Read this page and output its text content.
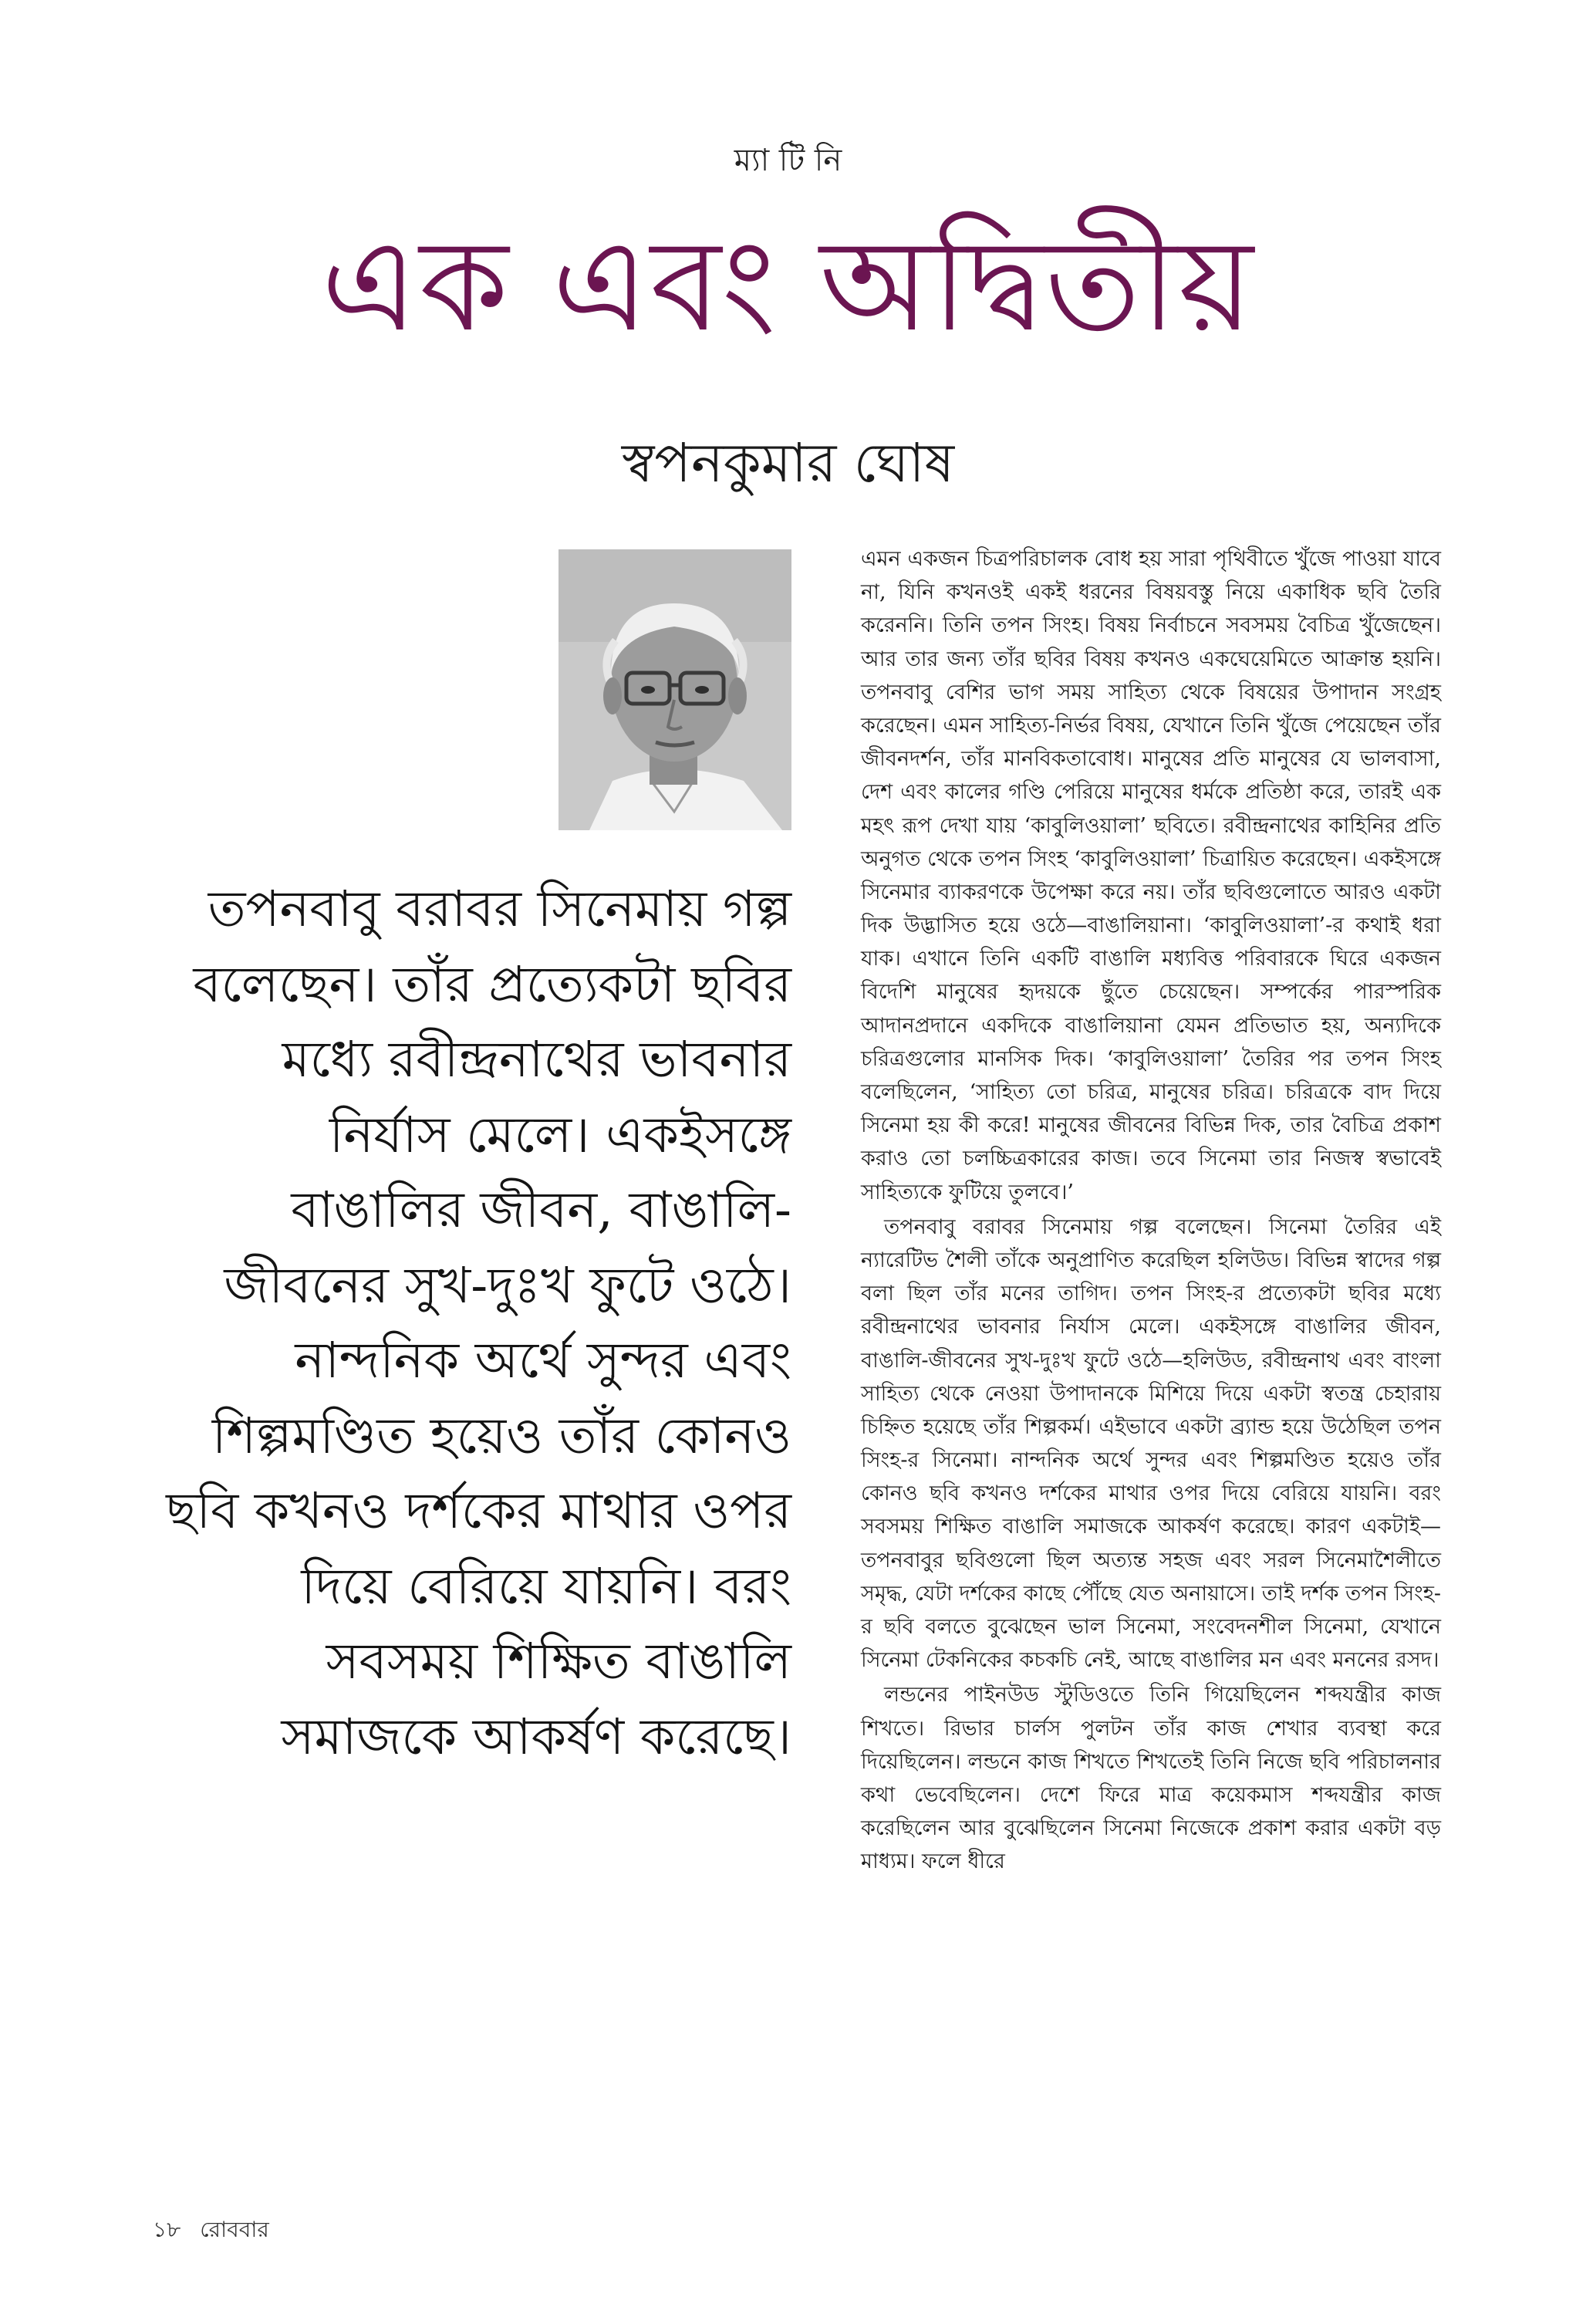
ম্যা টি নি
এক এবং অদ্বিতীয়
স্বপনকুমার ঘোষ

তপনবাবু বরাবর সিনেমায় গল্প বলেছেন। তাঁর প্রত্যেকটা ছবির মধ্যে রবীন্দ্রনাথের ভাবনার নির্যাস মেলে। একইসঙ্গে বাঙালির জীবন, বাঙালি-জীবনের সুখ-দুঃখ ফুটে ওঠে। নান্দনিক অর্থে সুন্দর এবং শিল্পমণ্ডিত হয়েও তাঁর কোনও ছবি কখনও দর্শকের মাথার ওপর দিয়ে বেরিয়ে যায়নি। বরং সবসময় শিক্ষিত বাঙালি সমাজকে আকর্ষণ করেছে।

এমন একজন চিত্রপরিচালক বোধ হয় সারা পৃথিবীতে খুঁজে পাওয়া যাবে না, যিনি কখনওই একই ধরনের বিষয়বস্তু নিয়ে একাধিক ছবি তৈরি করেননি। তিনি তপন সিংহ। বিষয় নির্বাচনে সবসময় বৈচিত্র খুঁজেছেন। আর তার জন্য তাঁর ছবির বিষয় কখনও একঘেয়েমিতে আক্রান্ত হয়নি। তপনবাবু বেশির ভাগ সময় সাহিত্য থেকে বিষয়ের উপাদান সংগ্রহ করেছেন। এমন সাহিত্য-নির্ভর বিষয়, যেখানে তিনি খুঁজে পেয়েছেন তাঁর জীবনদর্শন, তাঁর মানবিকতাবোধ। মানুষের প্রতি মানুষের যে ভালবাসা, দেশ এবং কালের গণ্ডি পেরিয়ে মানুষের ধর্মকে প্রতিষ্ঠা করে, তারই এক মহৎ রূপ দেখা যায় ‘কাবুলিওয়ালা’ ছবিতে। রবীন্দ্রনাথের কাহিনির প্রতি অনুগত থেকে তপন সিংহ ‘কাবুলিওয়ালা’ চিত্রায়িত করেছেন। একইসঙ্গে সিনেমার ব্যাকরণকে উপেক্ষা করে নয়। তাঁর ছবিগুলোতে আরও একটা দিক উদ্ভাসিত হয়ে ওঠে—বাঙালিয়ানা। ‘কাবুলিওয়ালা’-র কথাই ধরা যাক। এখানে তিনি একটি বাঙালি মধ্যবিত্ত পরিবারকে ঘিরে একজন বিদেশি মানুষের হৃদয়কে ছুঁতে চেয়েছেন। সম্পর্কের পারস্পরিক আদানপ্রদানে একদিকে বাঙালিয়ানা যেমন প্রতিভাত হয়, অন্যদিকে চরিত্রগুলোর মানসিক দিক। ‘কাবুলিওয়ালা’ তৈরির পর তপন সিংহ বলেছিলেন, ‘সাহিত্য তো চরিত্র, মানুষের চরিত্র। চরিত্রকে বাদ দিয়ে সিনেমা হয় কী করে! মানুষের জীবনের বিভিন্ন দিক, তার বৈচিত্র প্রকাশ করাও তো চলচ্চিত্রকারের কাজ। তবে সিনেমা তার নিজস্ব স্বভাবেই সাহিত্যকে ফুটিয়ে তুলবে।’

তপনবাবু বরাবর সিনেমায় গল্প বলেছেন। সিনেমা তৈরির এই ন্যারেটিভ শৈলী তাঁকে অনুপ্রাণিত করেছিল হলিউড। বিভিন্ন স্বাদের গল্প বলা ছিল তাঁর মনের তাগিদ। তপন সিংহ-র প্রত্যেকটা ছবির মধ্যে রবীন্দ্রনাথের ভাবনার নির্যাস মেলে। একইসঙ্গে বাঙালির জীবন, বাঙালি-জীবনের সুখ-দুঃখ ফুটে ওঠে—হলিউড, রবীন্দ্রনাথ এবং বাংলা সাহিত্য থেকে নেওয়া উপাদানকে মিশিয়ে দিয়ে একটা স্বতন্ত্র চেহারায় চিহ্নিত হয়েছে তাঁর শিল্পকর্ম। এইভাবে একটা ব্র্যান্ড হয়ে উঠেছিল তপন সিংহ-র সিনেমা। নান্দনিক অর্থে সুন্দর এবং শিল্পমণ্ডিত হয়েও তাঁর কোনও ছবি কখনও দর্শকের মাথার ওপর দিয়ে বেরিয়ে যায়নি। বরং সবসময় শিক্ষিত বাঙালি সমাজকে আকর্ষণ করেছে। কারণ একটাই—তপনবাবুর ছবিগুলো ছিল অত্যন্ত সহজ এবং সরল সিনেমাশৈলীতে সমৃদ্ধ, যেটা দর্শকের কাছে পৌঁছে যেত অনায়াসে। তাই দর্শক তপন সিংহ-র ছবি বলতে বুঝেছেন ভাল সিনেমা, সংবেদনশীল সিনেমা, যেখানে সিনেমা টেকনিকের কচকচি নেই, আছে বাঙালির মন এবং মননের রসদ।

লন্ডনের পাইনউড স্টুডিওতে তিনি গিয়েছিলেন শব্দযন্ত্রীর কাজ শিখতে। রিভার চার্লস পুলটন তাঁর কাজ শেখার ব্যবস্থা করে দিয়েছিলেন। লন্ডনে কাজ শিখতে শিখতেই তিনি নিজে ছবি পরিচালনার কথা ভেবেছিলেন। দেশে ফিরে মাত্র কয়েকমাস শব্দযন্ত্রীর কাজ করেছিলেন আর বুঝেছিলেন সিনেমা নিজেকে প্রকাশ করার একটা বড় মাধ্যম। ফলে ধীরে

১৮ রোববার
